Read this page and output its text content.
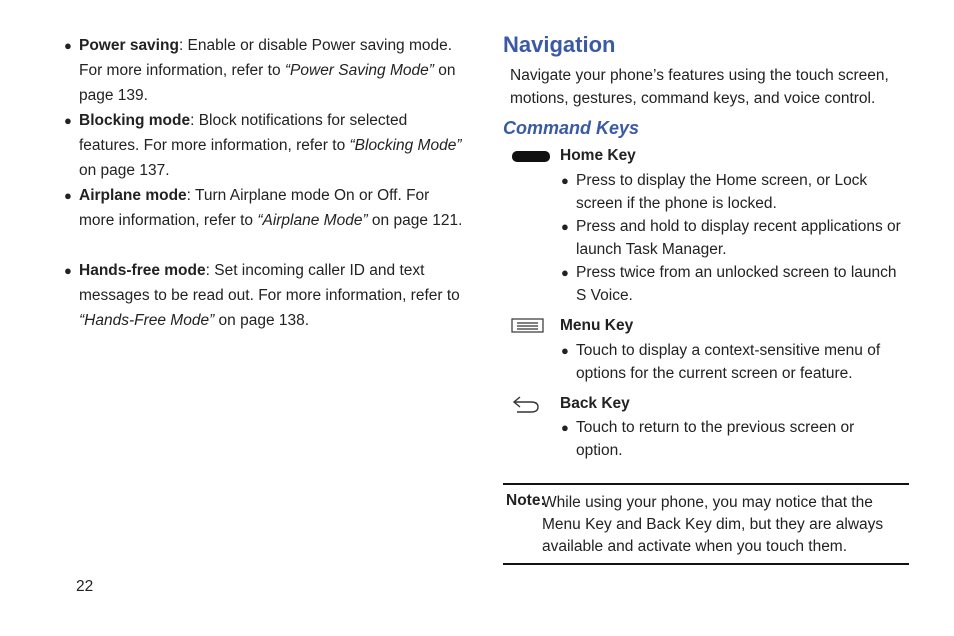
● Power saving: Enable or disable Power saving mode. For more information, refer to “Power Saving Mode” on page 139.
● Blocking mode: Block notifications for selected features. For more information, refer to “Blocking Mode” on page 137.
● Airplane mode: Turn Airplane mode On or Off. For more information, refer to “Airplane Mode” on page 121.
● Hands-free mode: Set incoming caller ID and text messages to be read out. For more information, refer to “Hands-Free Mode” on page 138.
Navigation

Navigate your phone’s features using the touch screen, motions, gestures, command keys, and voice control.

Command Keys
Home Key
● Press to display the Home screen, or Lock screen if the phone is locked.
● Press and hold to display recent applications or launch Task Manager.
● Press twice from an unlocked screen to launch S Voice.
Menu Key
● Touch to display a context-sensitive menu of options for the current screen or feature.
Back Key
● Touch to return to the previous screen or option.
Note:
While using your phone, you may notice that the Menu Key and Back Key dim, but they are always available and activate when you touch them.
22
